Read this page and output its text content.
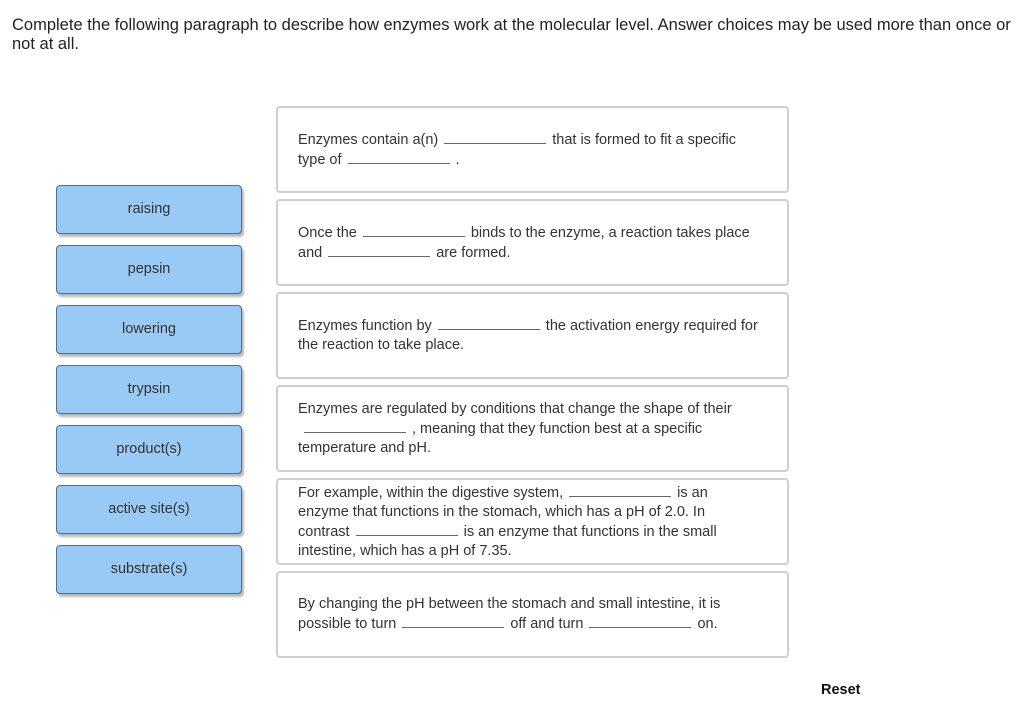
Complete the following paragraph to describe how enzymes work at the molecular level. Answer choices may be used more than once or not at all.

raising
pepsin
lowering
trypsin
product(s)
active site(s)
substrate(s)
Enzymes contain a(n)	that is formed to fit a specific type of	.
Once the	binds to the enzyme, a reaction takes place and	are formed.
Enzymes function by	the activation energy required for the reaction to take place.
Enzymes are regulated by conditions that change the shape of their, meaning that they function best at a specific temperature and pH.
For example, within the digestive system,	is an enzyme that functions in the stomach, which has a pH of 2.0. In contrast	is an enzyme that functions in the small intestine, which has a pH of 7.35.
By changing the pH between the stomach and small intestine, it is possible to turn	off and turn	on.
Reset
